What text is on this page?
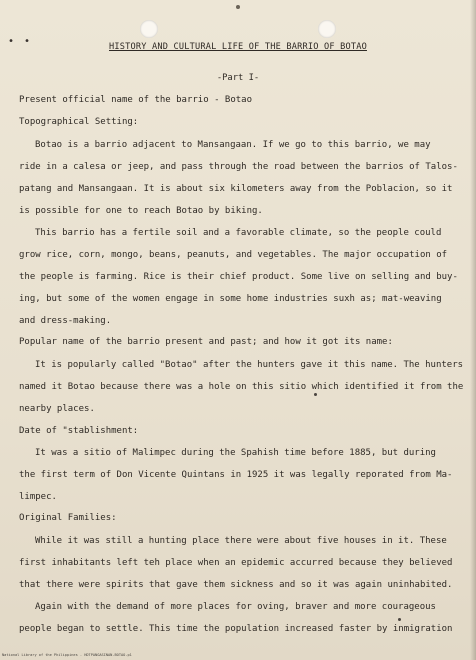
• •	HISTORY AND CULTURAL LIFE OF THE BARRIO OF BOTAO
-Part I-
Present official name of the barrio - Botao
Topographical Setting:
Botao is a barrio adjacent to Mansangaan. If we go to this barrio, we may
ride in a calesa or jeep, and pass through the road between the barrios of Talos-
patang and Mansangaan. It is about six kilometers away from the Poblacion, so it
is possible for one to reach Botao by biking.
This barrio has a fertile soil and a favorable climate, so the people could
grow rice, corn, mongo, beans, peanuts, and vegetables. The major occupation of
the people is farming. Rice is their chief product. Some live on selling and buy-
ing, but some of the women engage in some home industries suxh as; mat-weaving
and dress-making.
Popular name of the barrio present and past; and how it got its name:
It is popularly called "Botao" after the hunters gave it this name. The hunters
named it Botao because there was a hole on this sitio which identified it from the
nearby places.
Date of "stablishment:
It was a sitio of Malimpec during the Spahish time before 1885, but during
the first term of Don Vicente Quintans in 1925 it was legally reporated from Ma-
limpec.
Original Families:
While it was still a hunting place there were about five houses in it. These
first inhabitants left teh place when an epidemic accurred because they believed
that there were spirits that gave them sickness and so it was again uninhabited.
Again with the demand of more places for oving, braver and more courageous
people began to settle. This time the population increased faster by inmigration
National Library of the Philippines - HDTPANGASINAN-BOTAO-p1
